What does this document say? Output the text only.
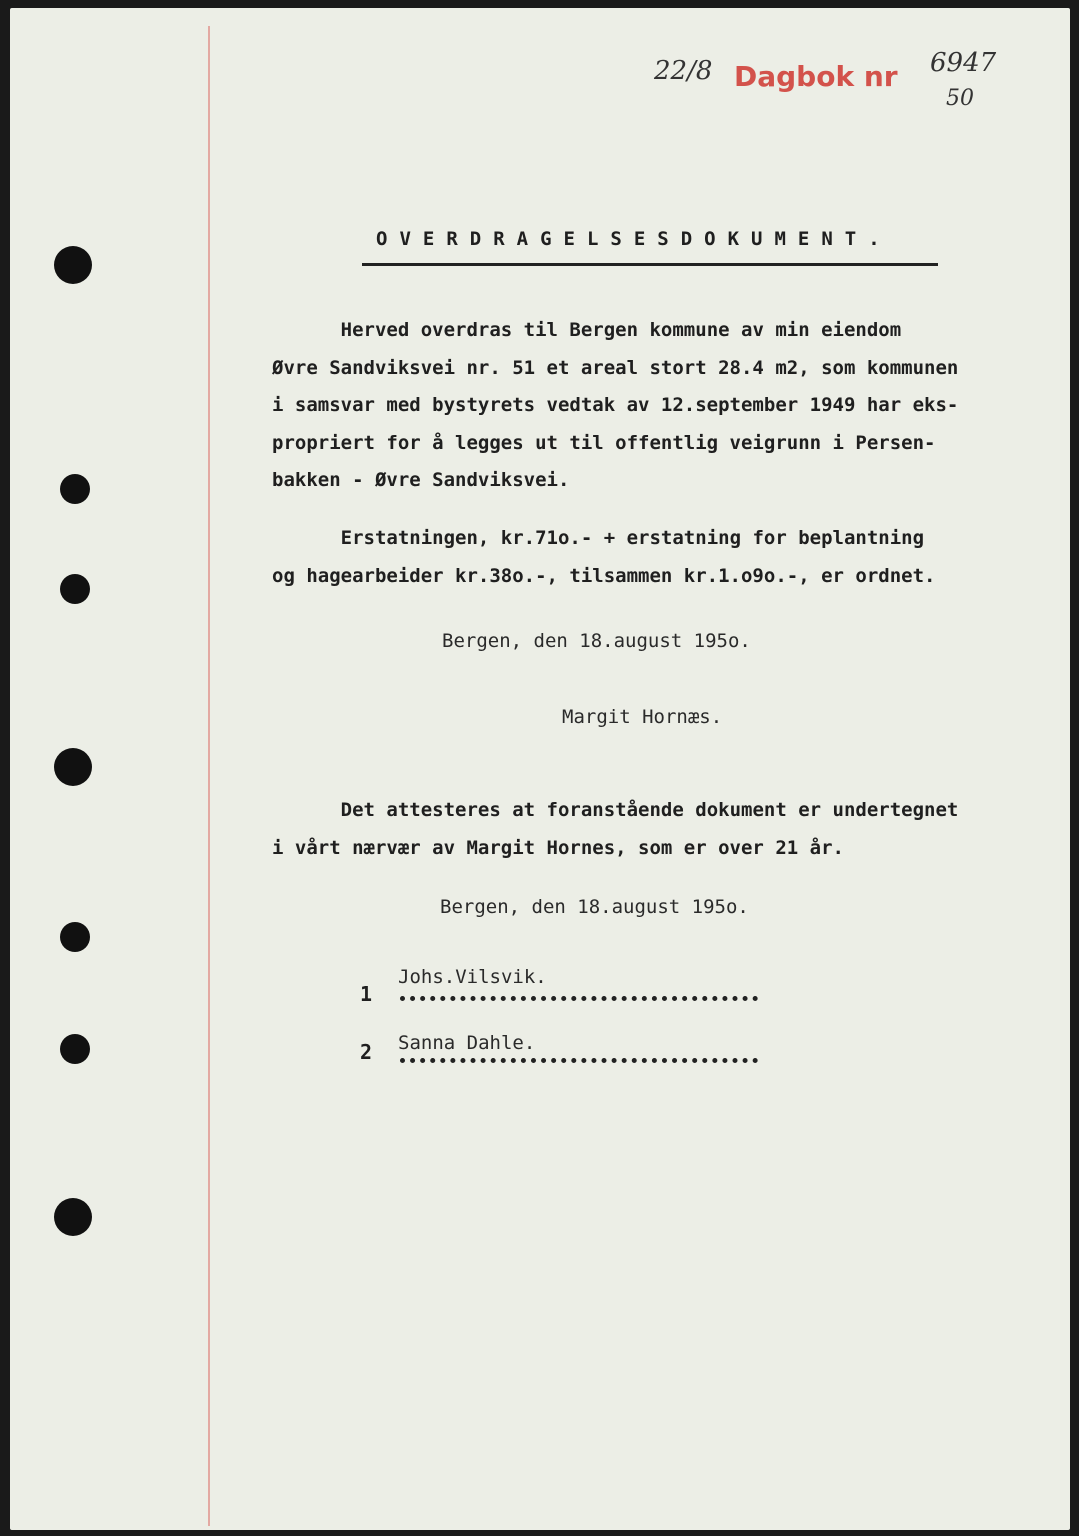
22/8 Dagbok nr 6947
50
OVERDRAGELSESDOKUMENT.

Herved overdras til Bergen kommune av min eiendom
Øvre Sandviksvei nr. 51 et areal stort 28.4 m2, som kommunen
i samsvar med bystyrets vedtak av 12.september 1949 har eks-
propriert for å legges ut til offentlig veigrunn i Persen-
bakken - Øvre Sandviksvei.

Erstatningen, kr.71o.- + erstatning for beplantning
og hagearbeider kr.38o.-, tilsammen kr.1.o9o.-, er ordnet.

Bergen, den 18.august 195o.
Margit Hornæs.

Det attesteres at foranstående dokument er undertegnet
i vårt nærvær av Margit Hornes, som er over 21 år.

Bergen, den 18.august 195o.
1
Johs.Vilsvik.
2 Sanna Dahle.
